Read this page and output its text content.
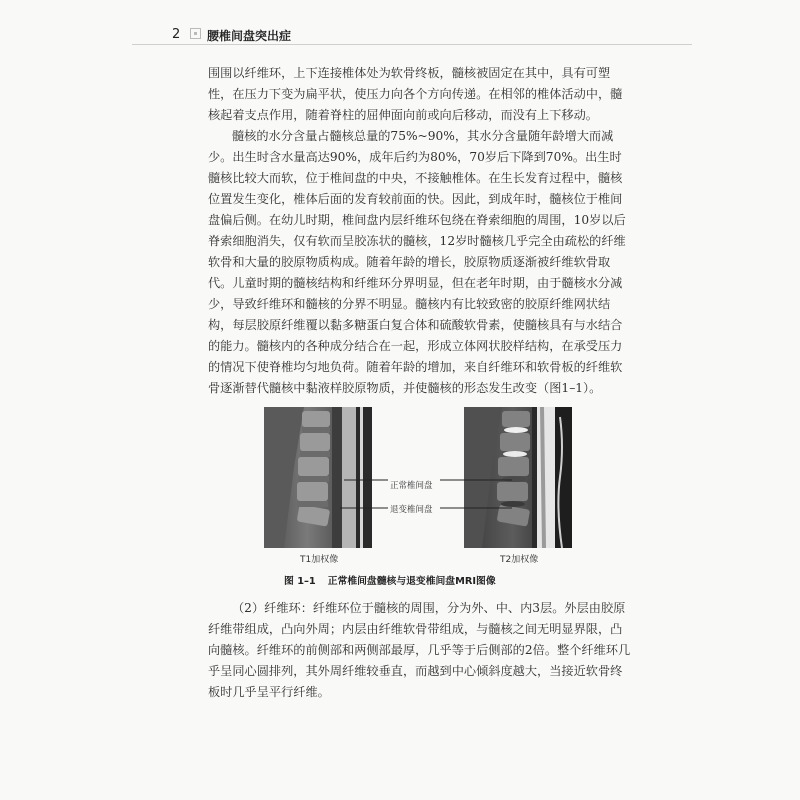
2 腰椎间盘突出症

围围以纤维环，上下连接椎体处为软骨终板，髓核被固定在其中，具有可塑性，在压力下变为扁平状，使压力向各个方向传递。在相邻的椎体活动中，髓核起着支点作用，随着脊柱的屈伸面向前或向后移动，而没有上下移动。

髓核的水分含量占髓核总量的75%~90%，其水分含量随年龄增大而减少。出生时含水量高达90%，成年后约为80%，70岁后下降到70%。出生时髓核比较大而软，位于椎间盘的中央，不接触椎体。在生长发育过程中，髓核位置发生变化，椎体后面的发育较前面的快。因此，到成年时，髓核位于椎间盘偏后侧。在幼儿时期，椎间盘内层纤维环包绕在脊索细胞的周围，10岁以后脊索细胞消失，仅有软而呈胶冻状的髓核，12岁时髓核几乎完全由疏松的纤维软骨和大量的胶原物质构成。随着年龄的增长，胶原物质逐渐被纤维软骨取代。儿童时期的髓核结构和纤维环分界明显，但在老年时期，由于髓核水分减少，导致纤维环和髓核的分界不明显。髓核内有比较致密的胶原纤维网状结构，每层胶原纤维覆以黏多糖蛋白复合体和硫酸软骨素，使髓核具有与水结合的能力。髓核内的各种成分结合在一起，形成立体网状胶样结构，在承受压力的情况下使脊椎均匀地负荷。随着年龄的增加，来自纤维环和软骨板的纤维软骨逐渐替代髓核中黏液样胶原物质，并使髓核的形态发生改变（图1–1）。

正常椎间盘
退变椎间盘
T1加权像	T2加权像
图 1–1 正常椎间盘髓核与退变椎间盘MRI图像

（2）纤维环：纤维环位于髓核的周围，分为外、中、内3层。外层由胶原纤维带组成，凸向外周；内层由纤维软骨带组成，与髓核之间无明显界限，凸向髓核。纤维环的前侧部和两侧部最厚，几乎等于后侧部的2倍。整个纤维环几乎呈同心圆排列，其外周纤维较垂直，而越到中心倾斜度越大，当接近软骨终板时几乎呈平行纤维。
